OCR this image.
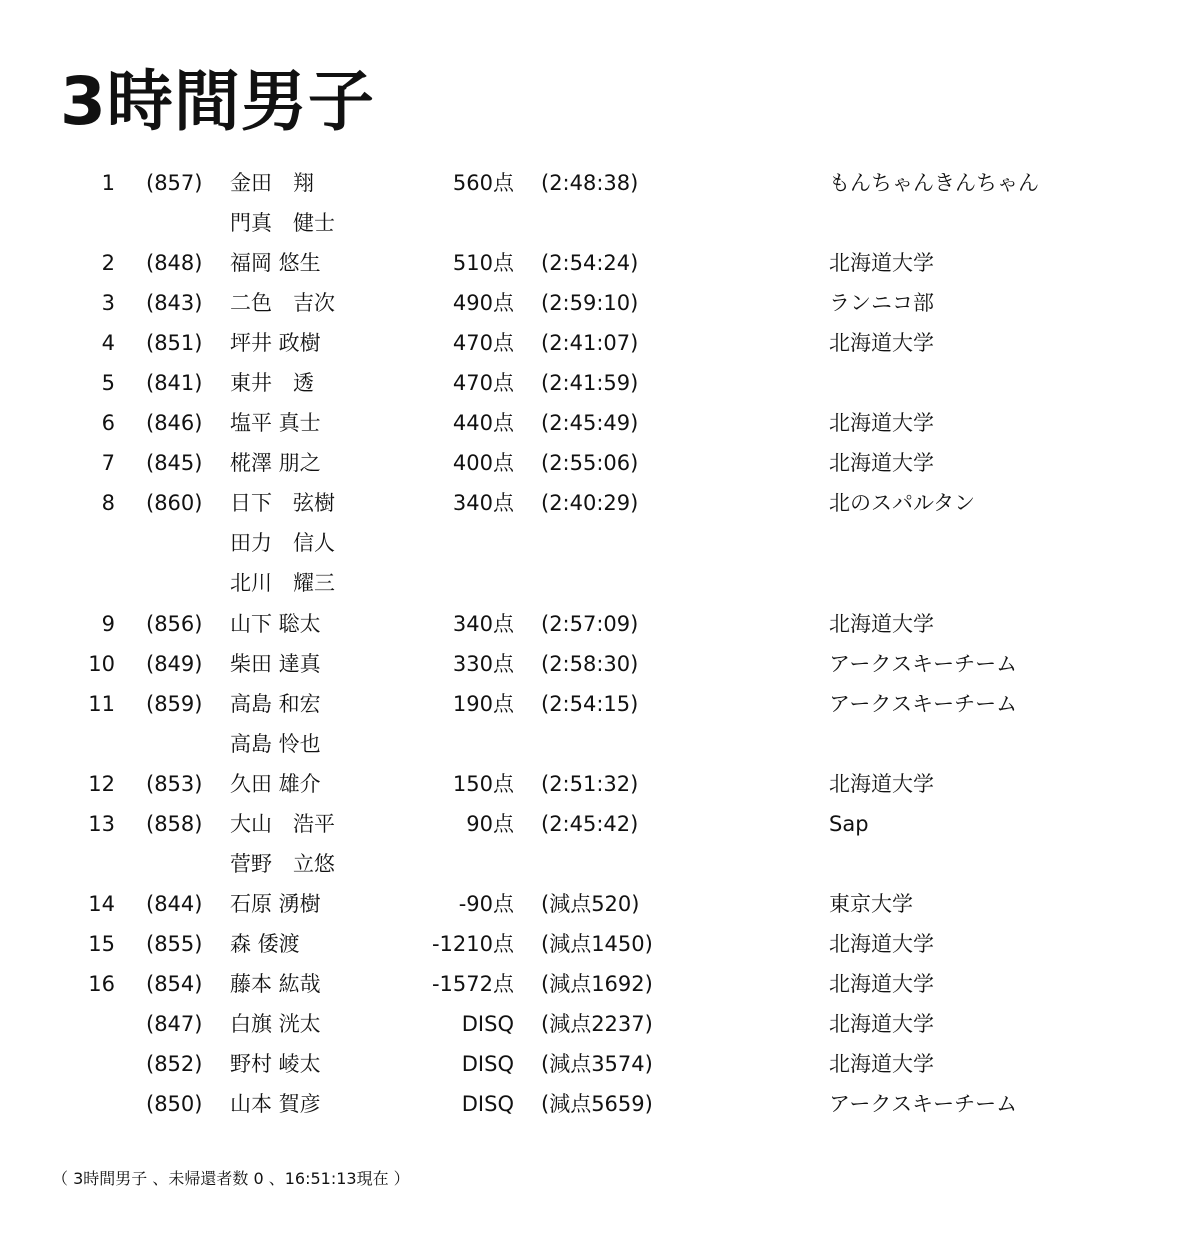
3時間男子
1 (857) 金田　翔	560点 (2:48:38)	もんちゃんきんちゃん
門真　健士
2 (848) 福岡 悠生	510点 (2:54:24)	北海道大学
3 (843) 二色　吉次	490点 (2:59:10)	ランニコ部
4 (851) 坪井 政樹	470点 (2:41:07)	北海道大学
5 (841) 東井　透	470点 (2:41:59)
6 (846) 塩平 真士	440点 (2:45:49)	北海道大学
7 (845) 椛澤 朋之	400点 (2:55:06)	北海道大学
8 (860) 日下　弦樹	340点 (2:40:29)	北のスパルタン
田力　信人
北川　耀三
9 (856) 山下 聡太	340点 (2:57:09)	北海道大学
10 (849) 柴田 達真	330点 (2:58:30)	アークスキーチーム
11 (859) 高島 和宏	190点 (2:54:15)	アークスキーチーム
高島 怜也
12 (853) 久田 雄介	150点 (2:51:32)	北海道大学
13 (858) 大山　浩平	90点 (2:45:42)	Sap
菅野　立悠
14 (844) 石原 湧樹	-90点 (減点520)	東京大学
15 (855) 森 倭渡	-1210点 (減点1450)	北海道大学
16 (854) 藤本 紘哉	-1572点 (減点1692)	北海道大学
(847) 白旗 洸太	DISQ (減点2237)	北海道大学
(852) 野村 崚太	DISQ (減点3574)	北海道大学
(850) 山本 賀彦	DISQ (減点5659)	アークスキーチーム
（ 3時間男子 、未帰還者数 0 、16:51:13現在 ）
